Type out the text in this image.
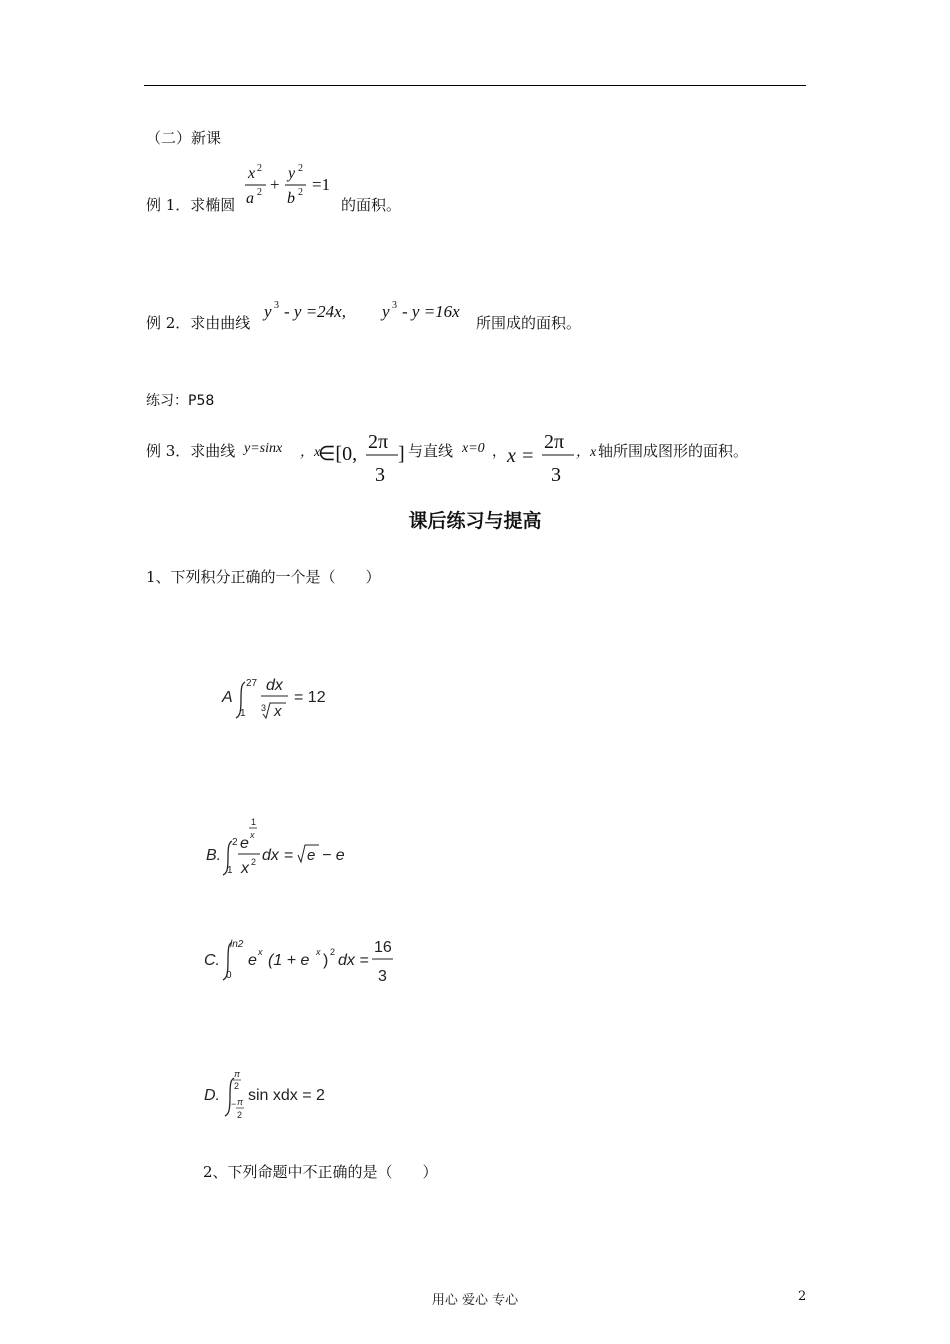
（二）新课
例 1．求椭圆
x 2
a 2 +
y 2
b 2 =1
的面积。
例 2．求由曲线
y 3 - y =24x, y 3 - y =16x
所围成的面积。
练习：P58
例 3．求曲线 y=sinx ，x
∈[0,
2π
3
] 与直线 x=0 ， x =
2π
3
，x 轴所围成图形的面积。
课后练习与提高
1、下列积分正确的一个是（　　）
A
27
1
dx
3 x
= 12
B.
2
1
1
x
e
x 2 dx = e − e
C.
ln2
0
e x (1 + e x ) 2 dx =
16
3
D.
π
2
− π
2
sin xdx = 2
2、下列命题中不正确的是（　　）
用心 爱心 专心	2
